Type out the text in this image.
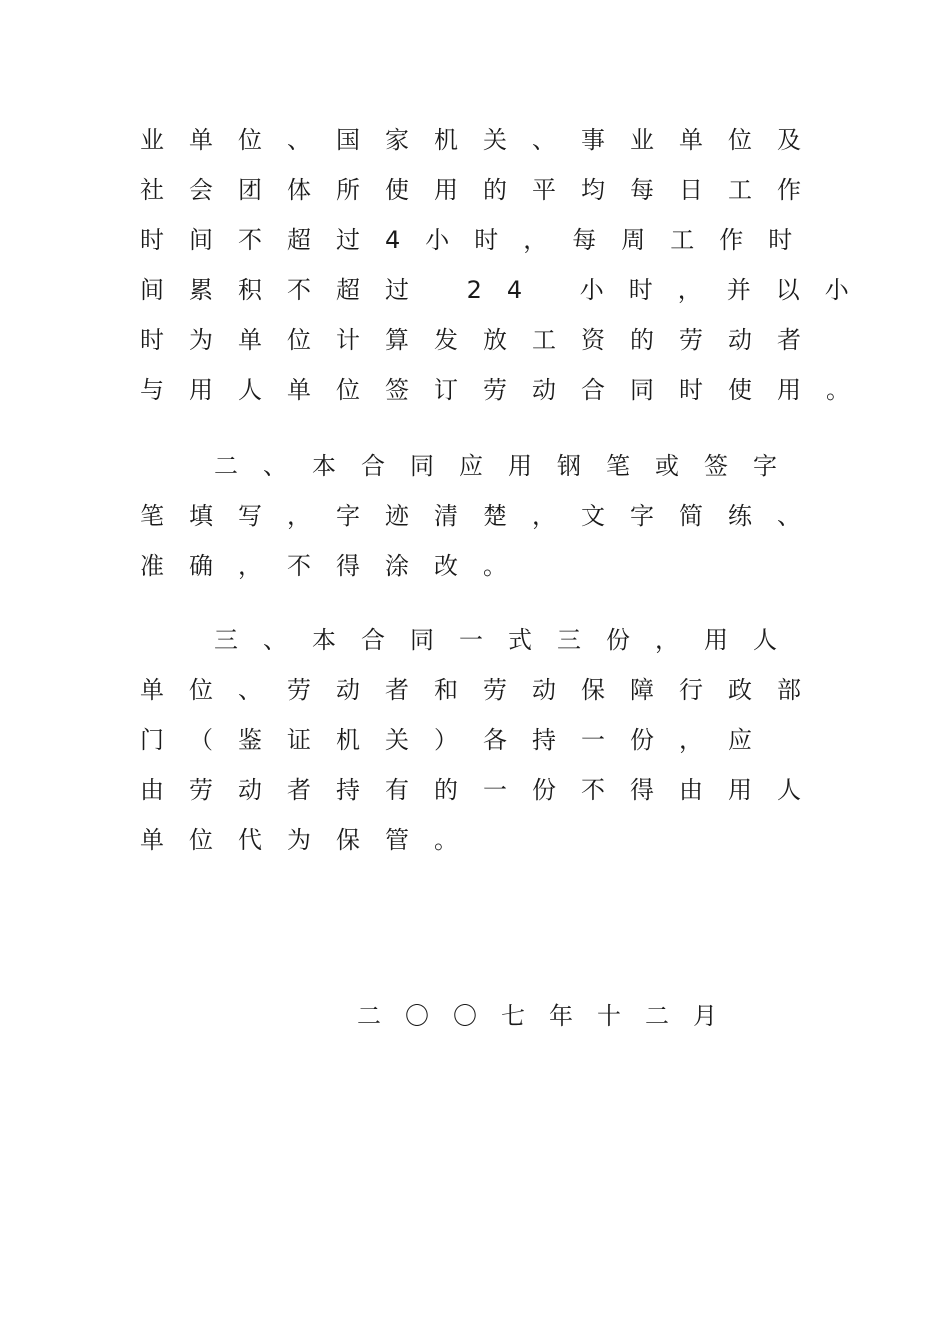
业单位、国家机关、事业单位及
社会团体所使用的平均每日工作
时间不超过4小时，每周工作时
间累积不超过 24 小时，并以小
时为单位计算发放工资的劳动者
与用人单位签订劳动合同时使用。
二、本合同应用钢笔或签字
笔填写，字迹清楚，文字简练、
准确，不得涂改。
三、本合同一式三份，用人
单位、劳动者和劳动保障行政部
门（鉴证机关）各持一份，应
由劳动者持有的一份不得由用人
单位代为保管。
二〇〇七年十二月
